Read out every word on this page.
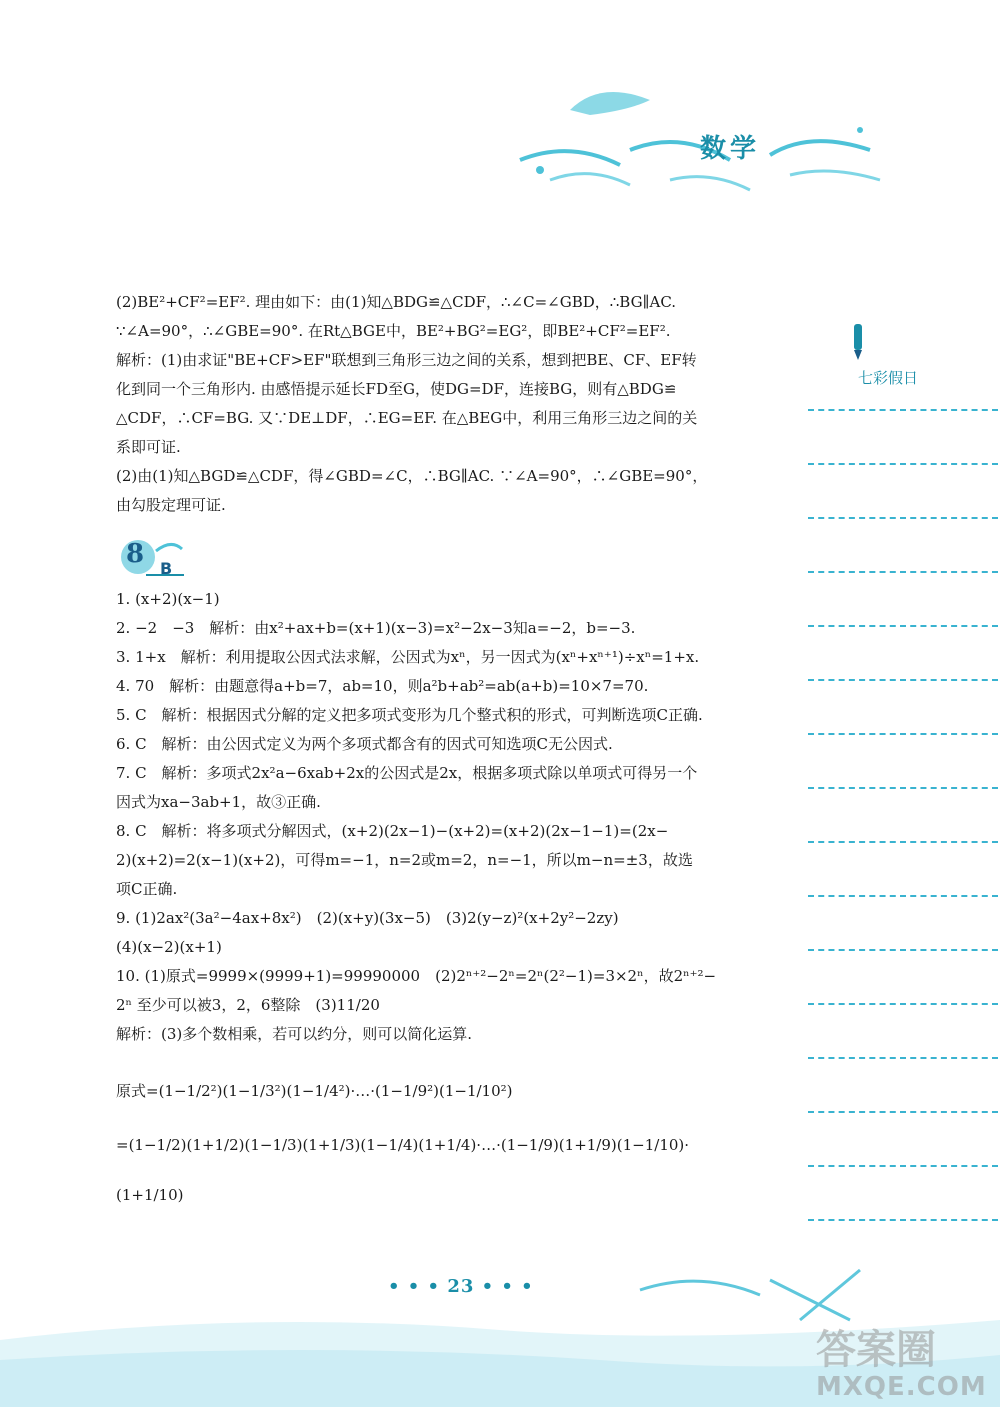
数学
七彩假日

(2)BE²+CF²=EF². 理由如下：由(1)知△BDG≌△CDF，∴∠C=∠GBD，∴BG∥AC.

∵∠A=90°，∴∠GBE=90°. 在Rt△BGE中，BE²+BG²=EG²，即BE²+CF²=EF².

解析：(1)由求证"BE+CF>EF"联想到三角形三边之间的关系，想到把BE、CF、EF转

化到同一个三角形内. 由感悟提示延长FD至G，使DG=DF，连接BG，则有△BDG≌

△CDF，∴CF=BG. 又∵DE⊥DF，∴EG=EF. 在△BEG中，利用三角形三边之间的关

系即可证.

(2)由(1)知△BGD≌△CDF，得∠GBD=∠C，∴BG∥AC. ∵∠A=90°，∴∠GBE=90°，

由勾股定理可证.

8 B

1. (x+2)(x−1)

2. −2　−3　解析：由x²+ax+b=(x+1)(x−3)=x²−2x−3知a=−2，b=−3.

3. 1+x　解析：利用提取公因式法求解，公因式为xⁿ，另一因式为(xⁿ+xⁿ⁺¹)÷xⁿ=1+x.

4. 70　解析：由题意得a+b=7，ab=10，则a²b+ab²=ab(a+b)=10×7=70.

5. C　解析：根据因式分解的定义把多项式变形为几个整式积的形式，可判断选项C正确.

6. C　解析：由公因式定义为两个多项式都含有的因式可知选项C无公因式.

7. C　解析：多项式2x²a−6xab+2x的公因式是2x，根据多项式除以单项式可得另一个

因式为xa−3ab+1，故③正确.

8. C　解析：将多项式分解因式，(x+2)(2x−1)−(x+2)=(x+2)(2x−1−1)=(2x−

2)(x+2)=2(x−1)(x+2)，可得m=−1，n=2或m=2，n=−1，所以m−n=±3，故选

项C正确.

9. (1)2ax²(3a²−4ax+8x²)　(2)(x+y)(3x−5)　(3)2(y−z)²(x+2y²−2zy)

(4)(x−2)(x+1)

10. (1)原式=9999×(9999+1)=99990000　(2)2ⁿ⁺²−2ⁿ=2ⁿ(2²−1)=3×2ⁿ，故2ⁿ⁺²−

2ⁿ 至少可以被3，2，6整除　(3)11/20

解析：(3)多个数相乘，若可以约分，则可以简化运算.

原式=(1−1/2²)(1−1/3²)(1−1/4²)·…·(1−1/9²)(1−1/10²)
=(1−1/2)(1+1/2)(1−1/3)(1+1/3)(1−1/4)(1+1/4)·…·(1−1/9)(1+1/9)(1−1/10)·
(1+1/10)
• • • 23 • • •
答案圈
MXQE.COM
